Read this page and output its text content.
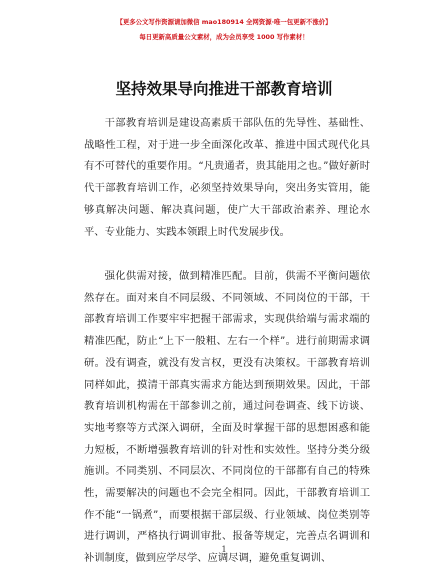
【更多公文写作资源请加微信 mao180914 全网资源·唯一包更新不涨价】
每日更新高质量公文素材，成为会员享受 1000 写作素材！
坚持效果导向推进干部教育培训

干部教育培训是建设高素质干部队伍的先导性、基础性、战略性工程，对于进一步全面深化改革、推进中国式现代化具有不可替代的重要作用。“凡贵通者，贵其能用之也。”做好新时代干部教育培训工作，必须坚持效果导向，突出务实管用，能够真解决问题、解决真问题，使广大干部政治素养、理论水平、专业能力、实践本领跟上时代发展步伐。

强化供需对接，做到精准匹配。目前，供需不平衡问题依然存在。面对来自不同层级、不同领域、不同岗位的干部，干部教育培训工作要牢牢把握干部需求，实现供给端与需求端的精准匹配，防止“上下一般粗、左右一个样”。进行前期需求调研。没有调查，就没有发言权，更没有决策权。干部教育培训同样如此，摸清干部真实需求方能达到预期效果。因此，干部教育培训机构需在干部参训之前，通过问卷调查、线下访谈、实地考察等方式深入调研，全面及时掌握干部的思想困惑和能力短板，不断增强教育培训的针对性和实效性。坚持分类分级施训。不同类别、不同层次、不同岗位的干部都有自己的特殊性，需要解决的问题也不会完全相同。因此，干部教育培训工作不能“一锅煮”，而要根据干部层级、行业领域、岗位类别等进行调训，严格执行调训审批、报备等规定，完善点名调训和补训制度，做到应学尽学、应调尽调，避免重复调训、

1
